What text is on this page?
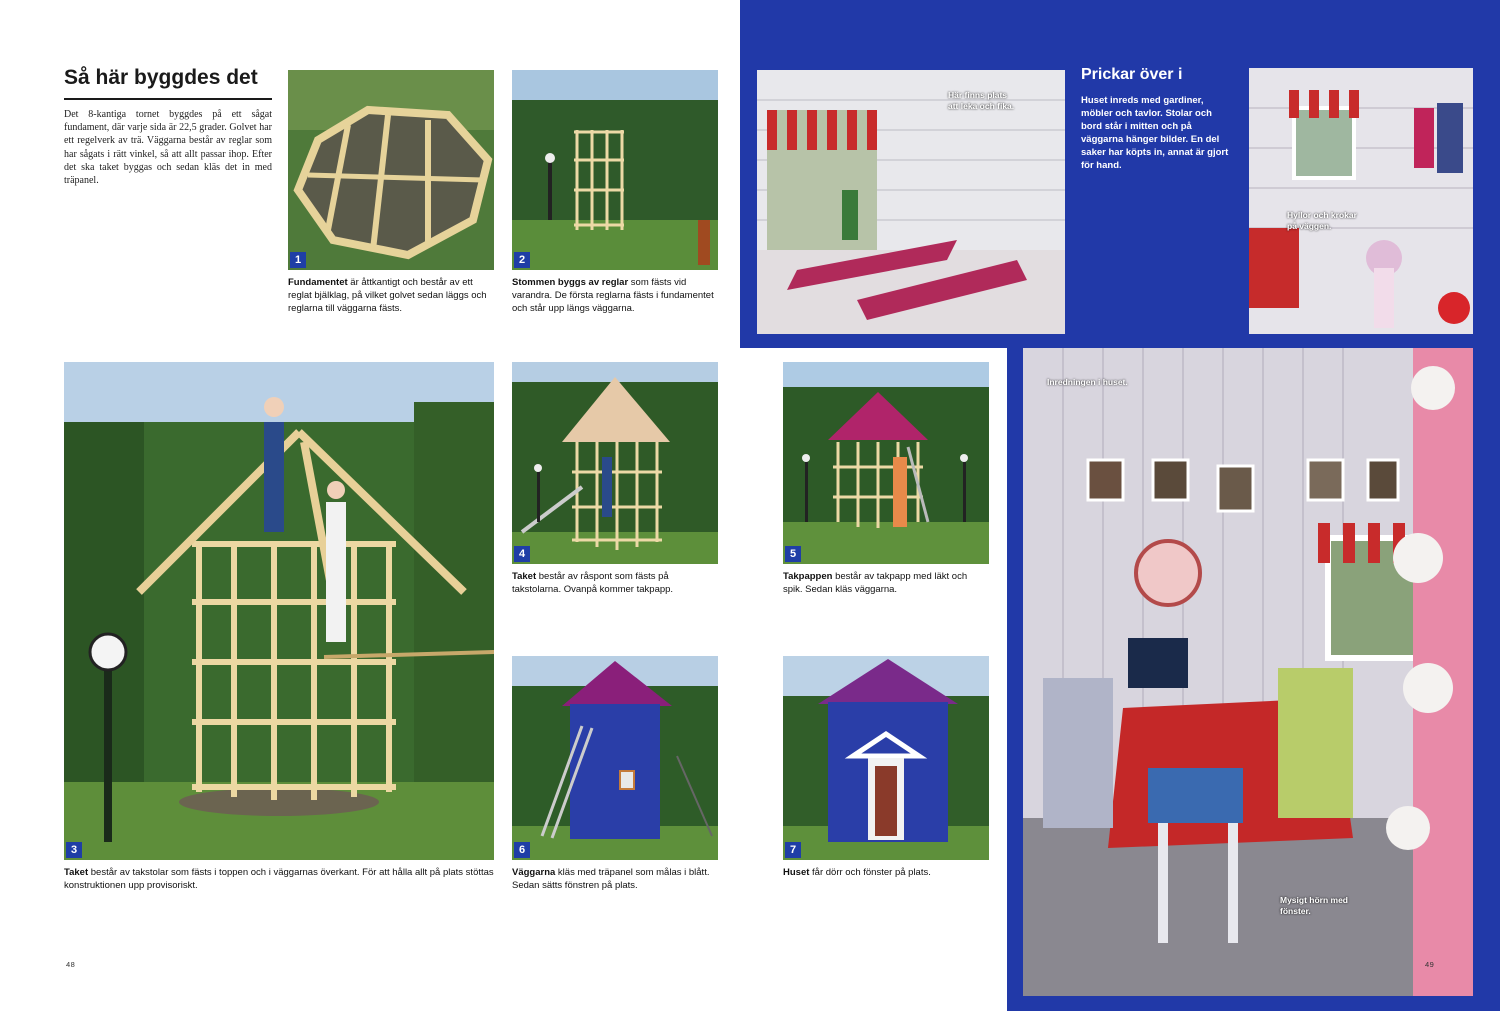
Så här byggdes det
Det 8-kantiga tornet byggdes på ett sågat fundament, där varje sida är 22,5 grader. Golvet har ett regelverk av trä. Väggarna består av reglar som har sågats i rätt vinkel, så att allt passar ihop. Efter det ska taket byggas och sedan kläs det in med träpanel.
1
Fundamentet är åttkantigt och består av ett reglat bjälklag, på vilket golvet sedan läggs och reglarna till väggarna fästs.
2
Stommen byggs av reglar som fästs vid varandra. De första reglarna fästs i fundamentet och står upp längs väggarna.
3
Taket består av takstolar som fästs i toppen och i väggarnas överkant. För att hålla allt på plats stöttas konstruktionen upp provisoriskt.
4
Taket består av råspont som fästs på takstolarna. Ovanpå kommer takpapp.
5
Takpappen består av takpapp med läkt och spik. Sedan kläs väggarna.
6
Väggarna kläs med träpanel som målas i blått. Sedan sätts fönstren på plats.
7
Huset får dörr och fönster på plats.
Här finns plats att leka och fika.
Prickar över i
Huset inreds med gardiner, möbler och tavlor. Stolar och bord står i mitten och på väggarna hänger bilder. En del saker har köpts in, annat är gjort för hand.
Hyllor och krokar på väggen.
Inredningen i huset.
Mysigt hörn med fönster.
48	49
